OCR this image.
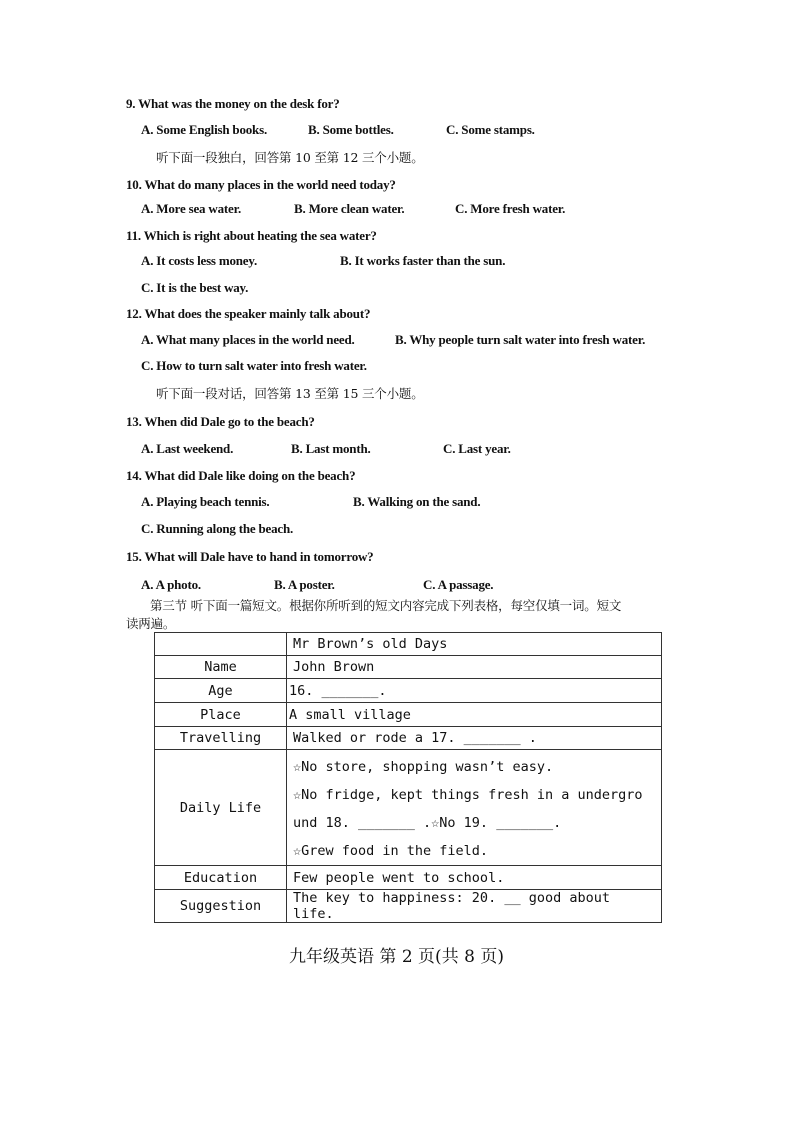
9. What was the money on the desk for?
A. Some English books.	B. Some bottles.	C. Some stamps.
听下面一段独白，回答第 10 至第 12 三个小题。
10. What do many places in the world need today?
A. More sea water.	B. More clean water.	C. More fresh water.
11. Which is right about heating the sea water?
A. It costs less money.	B. It works faster than the sun.
C. It is the best way.
12. What does the speaker mainly talk about?
A. What many places in the world need.	B. Why people turn salt water into fresh water.
C. How to turn salt water into fresh water.
听下面一段对话，回答第 13 至第 15 三个小题。
13. When did Dale go to the beach?
A. Last weekend.	B. Last month.	C. Last year.
14. What did Dale like doing on the beach?
A. Playing beach tennis.	B. Walking on the sand.
C. Running along the beach.
15. What will Dale have to hand in tomorrow?
A. A photo.	B. A poster.	C. A passage.
第三节 听下面一篇短文。根据你所听到的短文内容完成下列表格，每空仅填一词。短文
读两遍。
	Mr Brown’s old Days
Name	John Brown
Age	16. _______.
Place	A small village
Travelling	Walked or rode a 17. _______ .
Daily Life	☆No store, shopping wasn’t easy.
☆No fridge, kept things fresh in a undergro
und 18. _______ .☆No 19. _______.
☆Grew food in the field.

Education	Few people went to school.
Suggestion	The key to happiness: 20. __ good about life.
九年级英语 第 2 页(共 8 页)
